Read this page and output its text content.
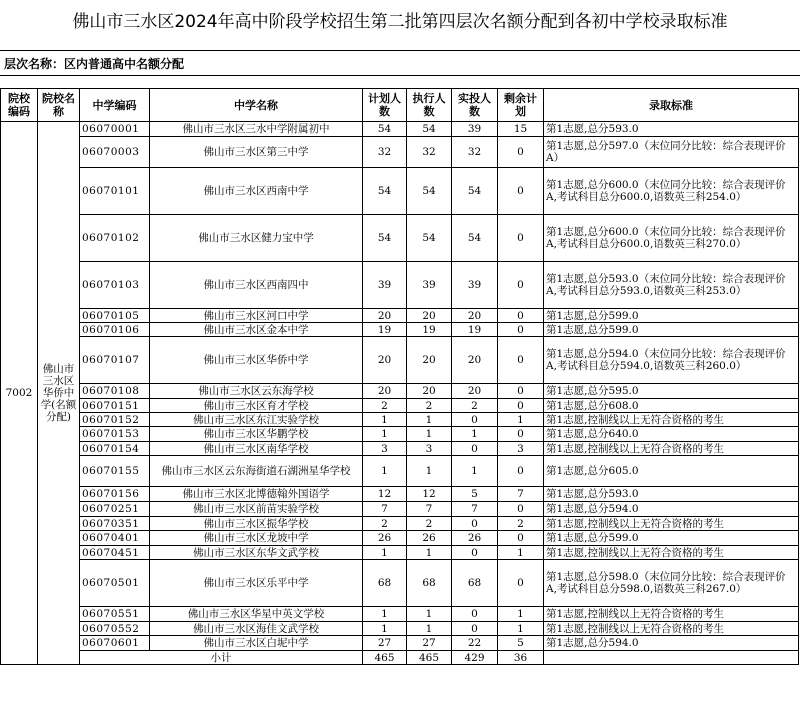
佛山市三水区2024年高中阶段学校招生第二批第四层次名额分配到各初中学校录取标准
层次名称：区内普通高中名额分配
院校编码	院校名称	中学编码	中学名称	计划人数	执行人数	实投人数	剩余计划	录取标准
7002	佛山市三水区华侨中学(名额分配)	06070001	佛山市三水区三水中学附属初中	54	54	39	15	第1志愿,总分593.0
		06070003	佛山市三水区第三中学	32	32	32	0	第1志愿,总分597.0（末位同分比较：综合表现评价A）
		06070101	佛山市三水区西南中学	54	54	54	0	第1志愿,总分600.0（末位同分比较：综合表现评价A,考试科目总分600.0,语数英三科254.0）
		06070102	佛山市三水区健力宝中学	54	54	54	0	第1志愿,总分600.0（末位同分比较：综合表现评价A,考试科目总分600.0,语数英三科270.0）
		06070103	佛山市三水区西南四中	39	39	39	0	第1志愿,总分593.0（末位同分比较：综合表现评价A,考试科目总分593.0,语数英三科253.0）
		06070105	佛山市三水区河口中学	20	20	20	0	第1志愿,总分599.0
		06070106	佛山市三水区金本中学	19	19	19	0	第1志愿,总分599.0
		06070107	佛山市三水区华侨中学	20	20	20	0	第1志愿,总分594.0（末位同分比较：综合表现评价A,考试科目总分594.0,语数英三科260.0）
		06070108	佛山市三水区云东海学校	20	20	20	0	第1志愿,总分595.0
		06070151	佛山市三水区育才学校	2	2	2	0	第1志愿,总分608.0
		06070152	佛山市三水区东江实验学校	1	1	0	1	第1志愿,控制线以上无符合资格的考生
		06070153	佛山市三水区华鹏学校	1	1	1	0	第1志愿,总分640.0
		06070154	佛山市三水区南华学校	3	3	0	3	第1志愿,控制线以上无符合资格的考生
		06070155	佛山市三水区云东海街道石湖洲星华学校	1	1	1	0	第1志愿,总分605.0
		06070156	佛山市三水区北博德翰外国语学	12	12	5	7	第1志愿,总分593.0
		06070251	佛山市三水区前苗实验学校	7	7	7	0	第1志愿,总分594.0
		06070351	佛山市三水区振华学校	2	2	0	2	第1志愿,控制线以上无符合资格的考生
		06070401	佛山市三水区龙坡中学	26	26	26	0	第1志愿,总分599.0
		06070451	佛山市三水区东华文武学校	1	1	0	1	第1志愿,控制线以上无符合资格的考生
		06070501	佛山市三水区乐平中学	68	68	68	0	第1志愿,总分598.0（末位同分比较：综合表现评价A,考试科目总分598.0,语数英三科267.0）
		06070551	佛山市三水区华星中英文学校	1	1	0	1	第1志愿,控制线以上无符合资格的考生
		06070552	佛山市三水区海佳文武学校	1	1	0	1	第1志愿,控制线以上无符合资格的考生
		06070601	佛山市三水区白坭中学	27	27	22	5	第1志愿,总分594.0
		小计		465	465	429	36	
